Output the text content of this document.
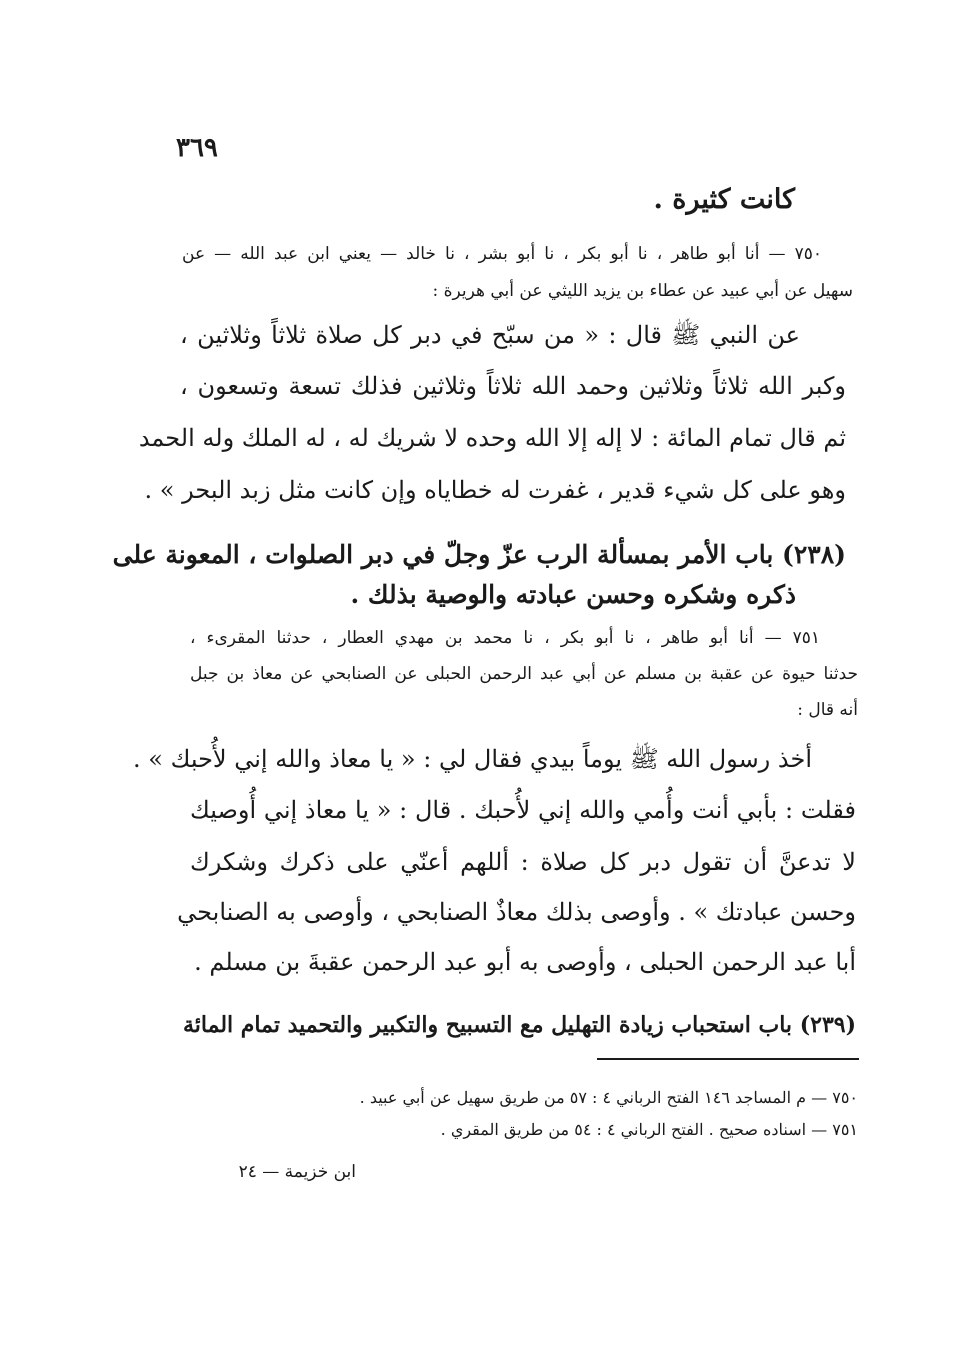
٣٦٩
كانت كثيرة .
٧٥٠ — أنا أبو طاهر ، نا أبو بكر ، نا أبو بشر ، نا خالد — يعني ابن عبد الله — عن
سهيل عن أبي عبيد عن عطاء بن يزيد الليثي عن أبي هريرة :
عن النبي ﷺ قال : « من سبّح في دبر كل صلاة ثلاثاً وثلاثين ،
وكبر الله ثلاثاً وثلاثين وحمد الله ثلاثاً وثلاثين فذلك تسعة وتسعون ،
ثم قال تمام المائة : لا إله إلا الله وحده لا شريك له ، له الملك وله الحمد
وهو على كل شيء قدير ، غفرت له خطاياه وإن كانت مثل زبد البحر » .
(٢٣٨) باب الأمر بمسألة الرب عزّ وجلّ في دبر الصلوات ، المعونة على
ذكره وشكره وحسن عبادته والوصية بذلك .
٧٥١ — أنا أبو طاهر ، نا أبو بكر ، نا محمد بن مهدي العطار ، حدثنا المقرىء ،
حدثنا حيوة عن عقبة بن مسلم عن أبي عبد الرحمن الحبلى عن الصنابحي عن معاذ بن جبل
أنه قال :
أخذ رسول الله ﷺ يوماً بيدي فقال لي : « يا معاذ والله إني لأُحبك » .
فقلت : بأبي أنت وأُمي والله إني لأُحبك . قال : « يا معاذ إني أُوصيك
لا تدعنَّ أن تقول دبر كل صلاة : أللهم أعنّي على ذكرك وشكرك
وحسن عبادتك » . وأوصى بذلك معاذٌ الصنابحي ، وأوصى به الصنابحي
أبا عبد الرحمن الحبلى ، وأوصى به أبو عبد الرحمن عقبةَ بن مسلم .
(٢٣٩) باب استحباب زيادة التهليل مع التسبيح والتكبير والتحميد تمام المائة
٧٥٠ — م المساجد ١٤٦ الفتح الرباني ٤ : ٥٧ من طريق سهيل عن أبي عبيد .
٧٥١ — اسناده صحيح . الفتح الرباني ٤ : ٥٤ من طريق المقري .
ابن خزيمة — ٢٤
